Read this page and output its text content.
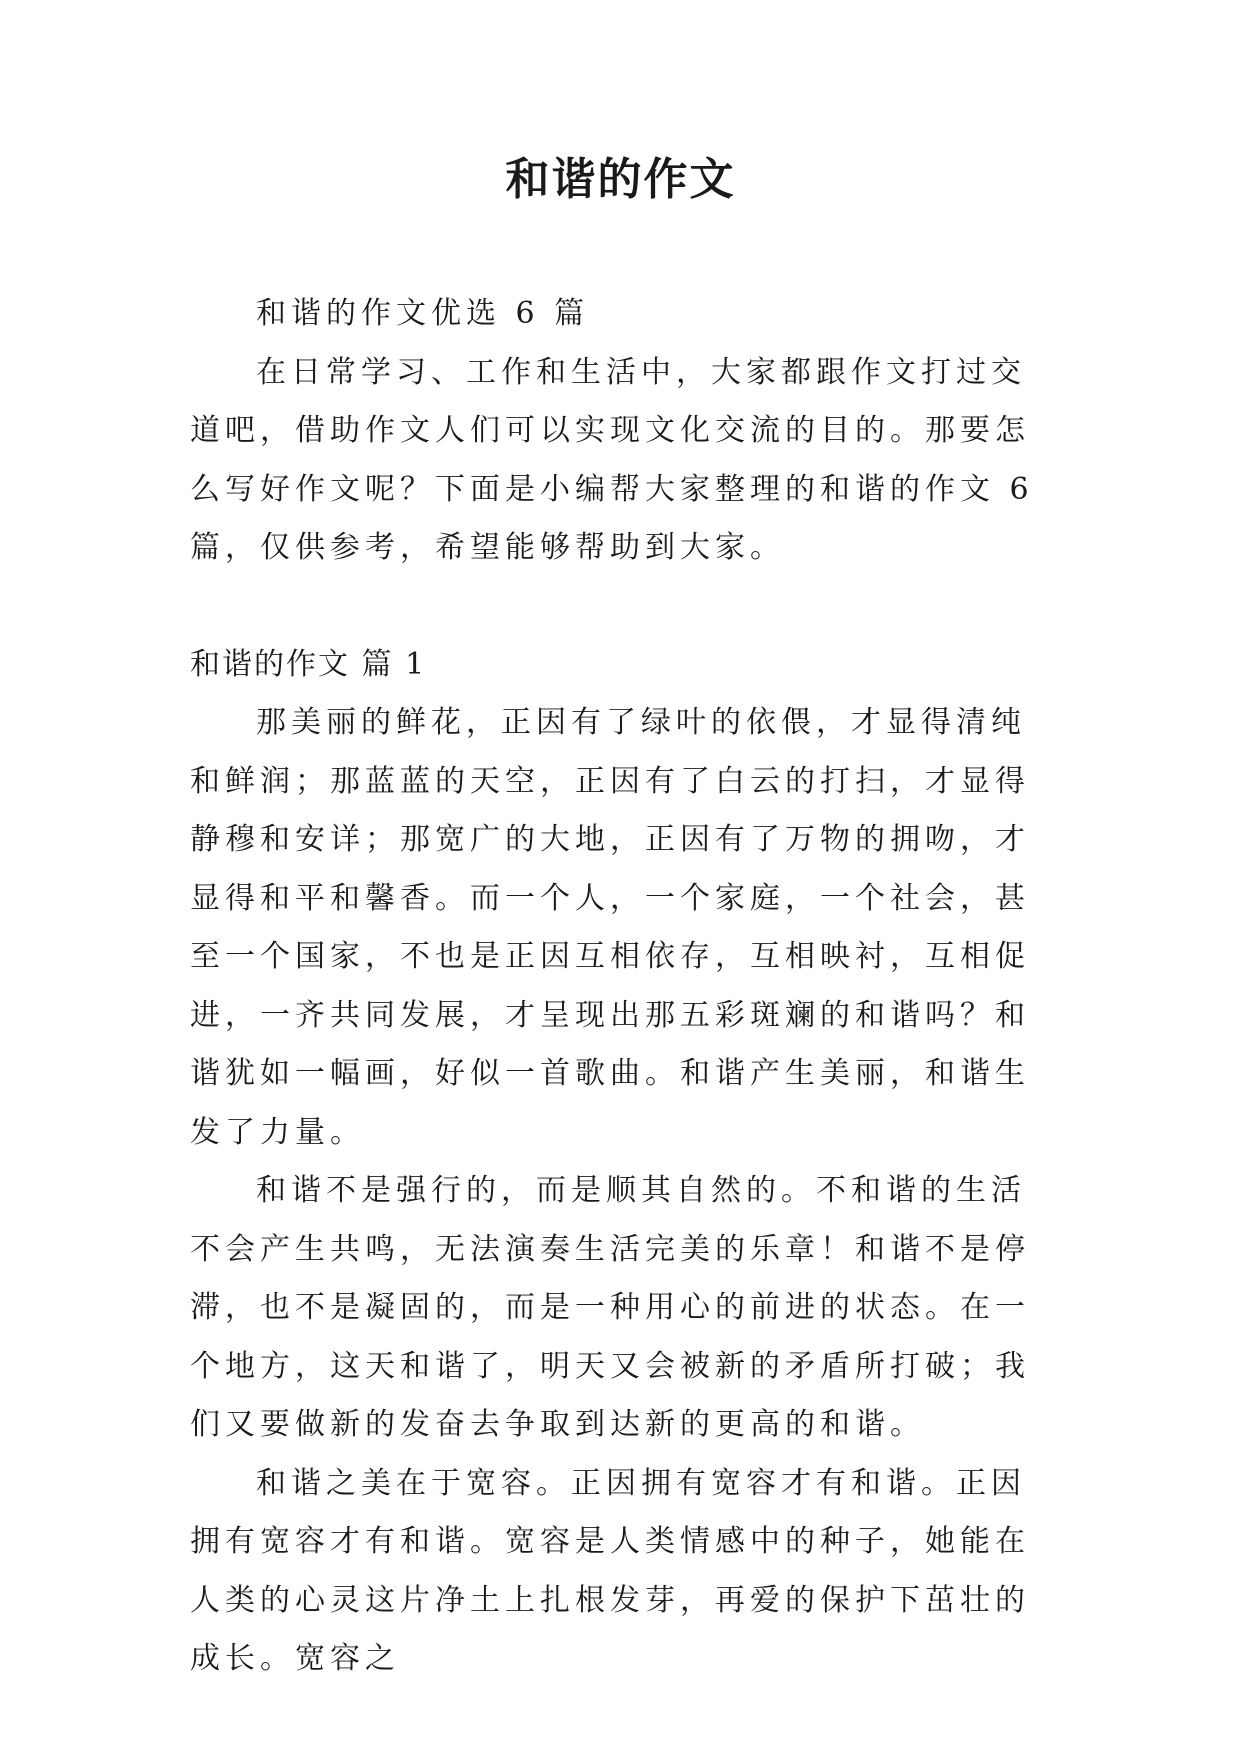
和谐的作文

和谐的作文优选 6 篇

在日常学习、工作和生活中，大家都跟作文打过交道吧，借助作文人们可以实现文化交流的目的。那要怎么写好作文呢？下面是小编帮大家整理的和谐的作文 6 篇，仅供参考，希望能够帮助到大家。

和谐的作文 篇 1

那美丽的鲜花，正因有了绿叶的依偎，才显得清纯和鲜润；那蓝蓝的天空，正因有了白云的打扫，才显得静穆和安详；那宽广的大地，正因有了万物的拥吻，才显得和平和馨香。而一个人，一个家庭，一个社会，甚至一个国家，不也是正因互相依存，互相映衬，互相促进，一齐共同发展，才呈现出那五彩斑斓的和谐吗？和谐犹如一幅画，好似一首歌曲。和谐产生美丽，和谐生发了力量。

和谐不是强行的，而是顺其自然的。不和谐的生活不会产生共鸣，无法演奏生活完美的乐章！和谐不是停滞，也不是凝固的，而是一种用心的前进的状态。在一个地方，这天和谐了，明天又会被新的矛盾所打破；我们又要做新的发奋去争取到达新的更高的和谐。

和谐之美在于宽容。正因拥有宽容才有和谐。正因拥有宽容才有和谐。宽容是人类情感中的种子，她能在人类的心灵这片净土上扎根发芽，再爱的保护下茁壮的成长。宽容之
